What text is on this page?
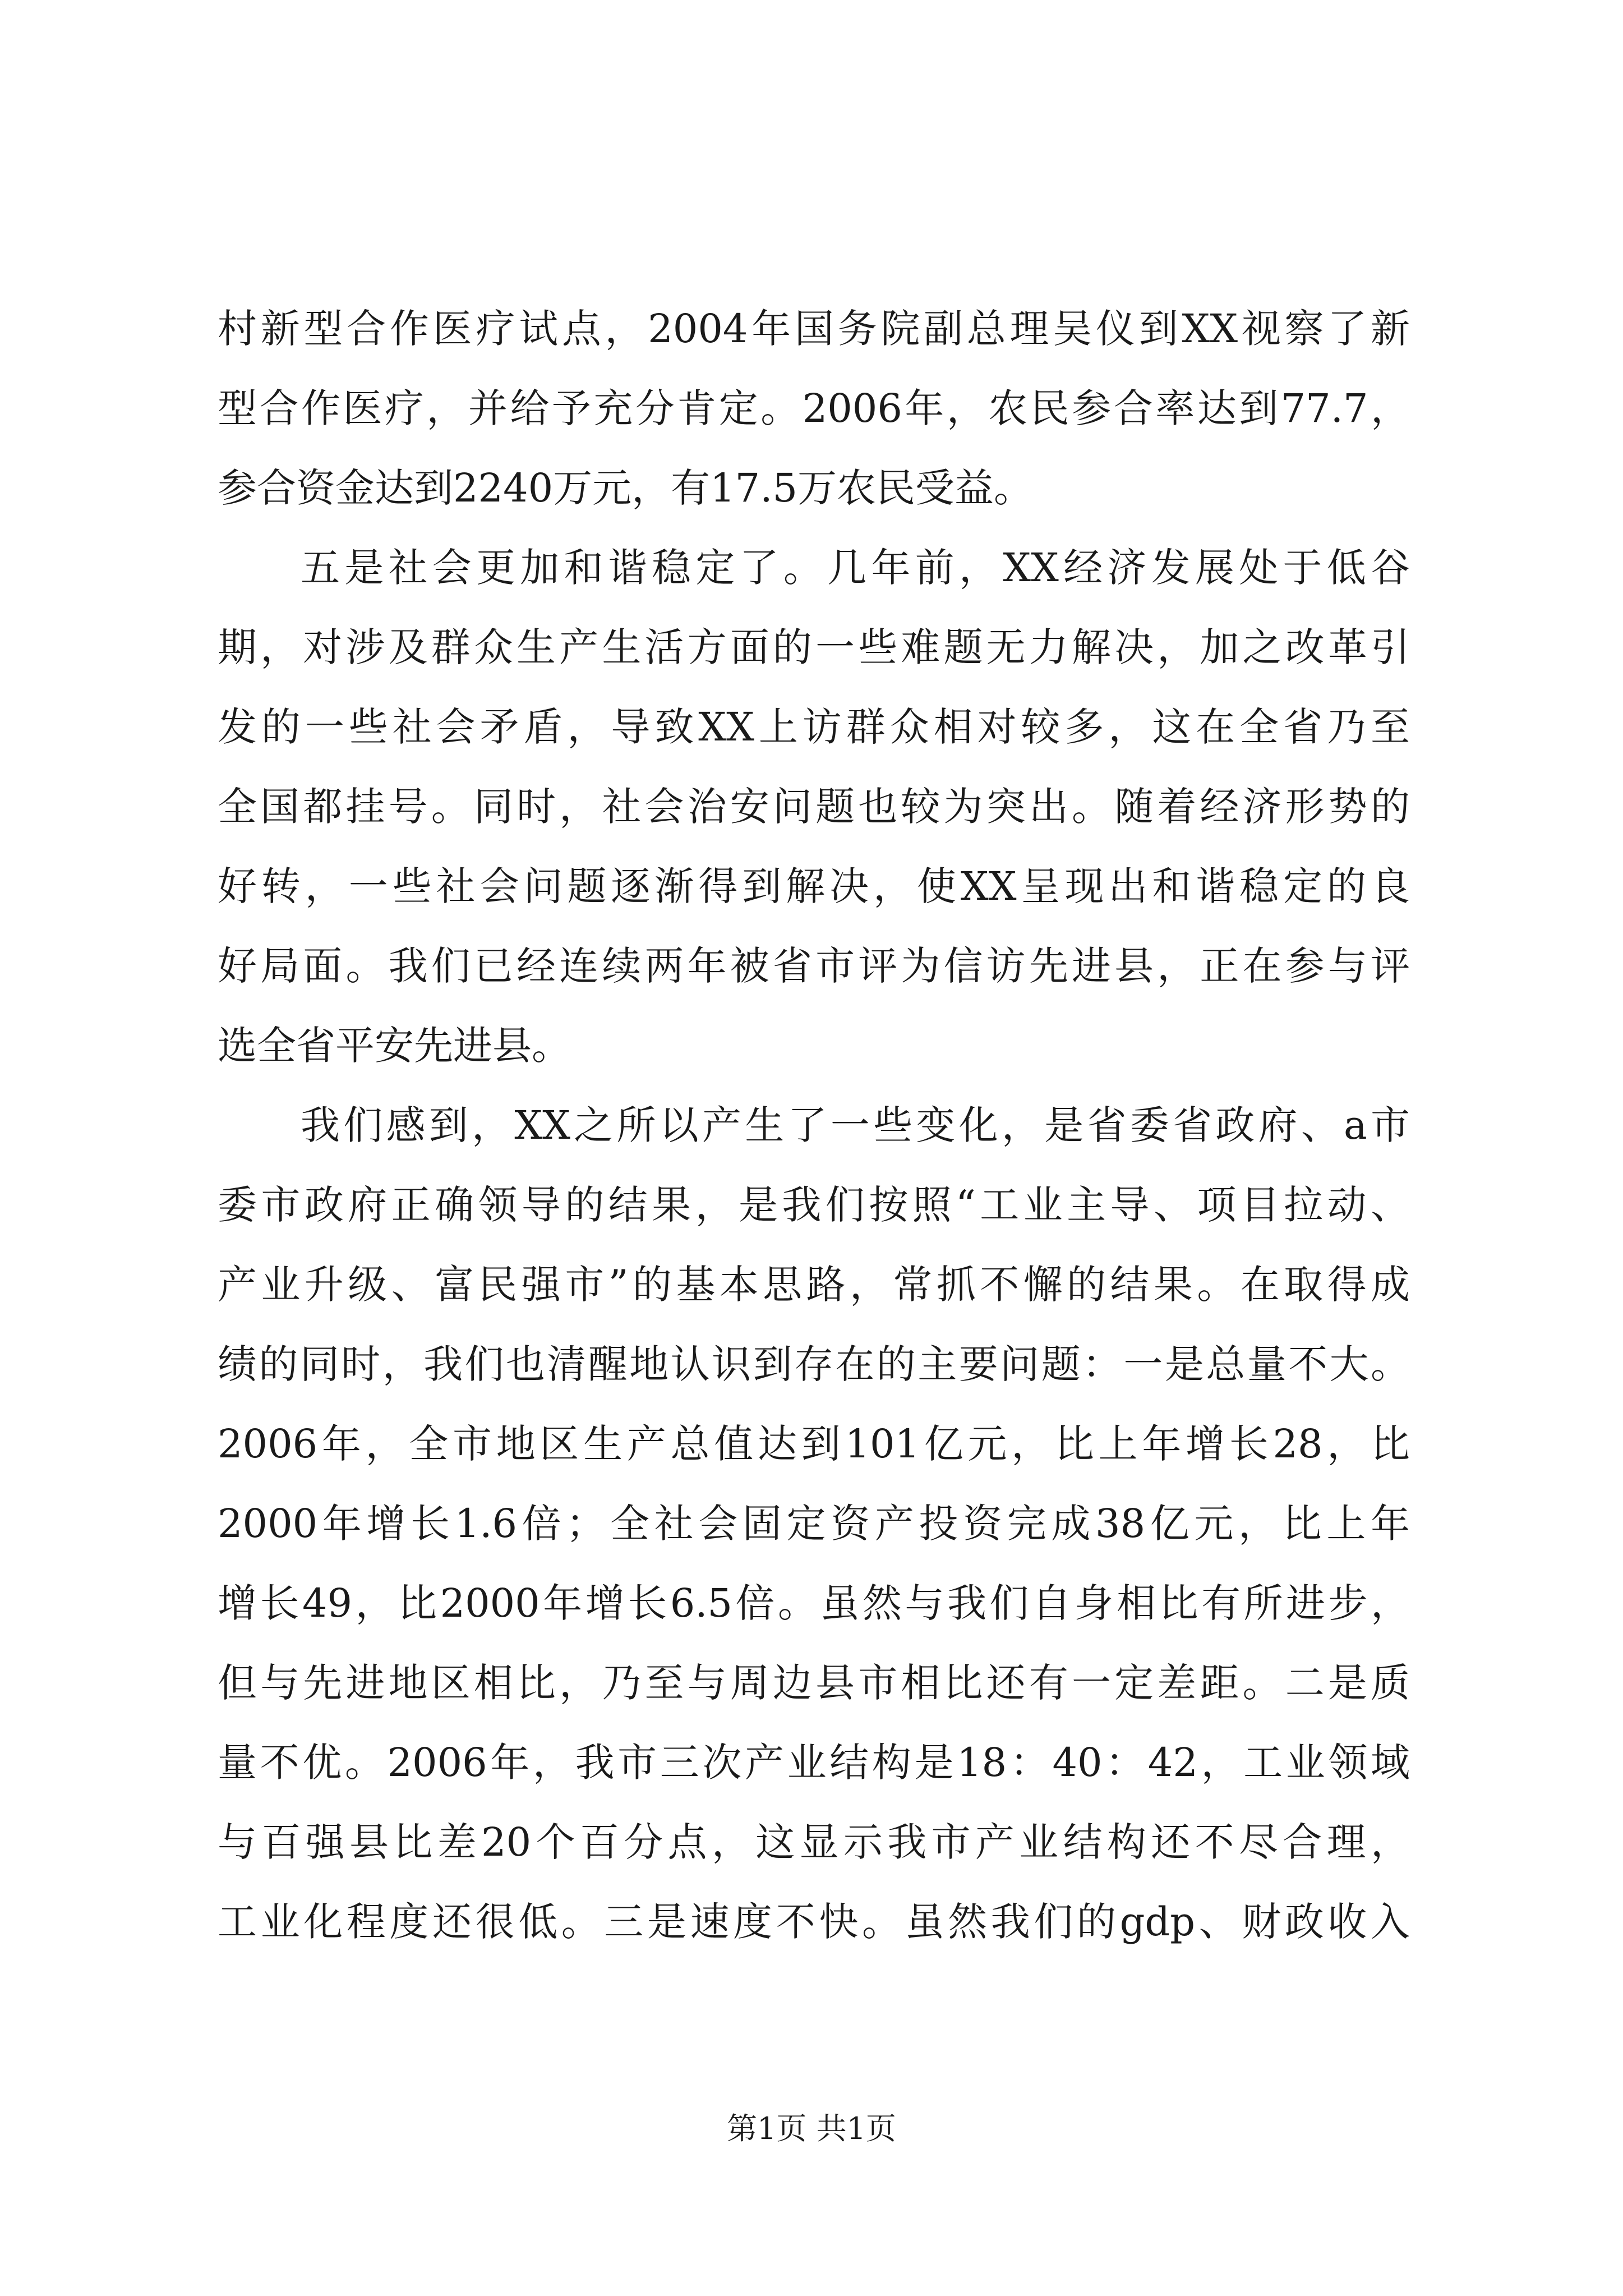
村新型合作医疗试点，2004年国务院副总理吴仪到XX视察了新
型合作医疗，并给予充分肯定。2006年，农民参合率达到77.7，
参合资金达到2240万元，有17.5万农民受益。
五是社会更加和谐稳定了。几年前，XX经济发展处于低谷
期，对涉及群众生产生活方面的一些难题无力解决，加之改革引
发的一些社会矛盾，导致XX上访群众相对较多，这在全省乃至
全国都挂号。同时，社会治安问题也较为突出。随着经济形势的
好转，一些社会问题逐渐得到解决，使XX呈现出和谐稳定的良
好局面。我们已经连续两年被省市评为信访先进县，正在参与评
选全省平安先进县。
我们感到，XX之所以产生了一些变化，是省委省政府、a市
委市政府正确领导的结果，是我们按照“工业主导、项目拉动、
产业升级、富民强市”的基本思路，常抓不懈的结果。在取得成
绩的同时，我们也清醒地认识到存在的主要问题：一是总量不大。
2006年，全市地区生产总值达到101亿元，比上年增长28，比
2000年增长1.6倍；全社会固定资产投资完成38亿元，比上年
增长49，比2000年增长6.5倍。虽然与我们自身相比有所进步，
但与先进地区相比，乃至与周边县市相比还有一定差距。二是质
量不优。2006年，我市三次产业结构是18：40：42，工业领域
与百强县比差20个百分点，这显示我市产业结构还不尽合理，
工业化程度还很低。三是速度不快。虽然我们的gdp、财政收入
第1页 共1页
